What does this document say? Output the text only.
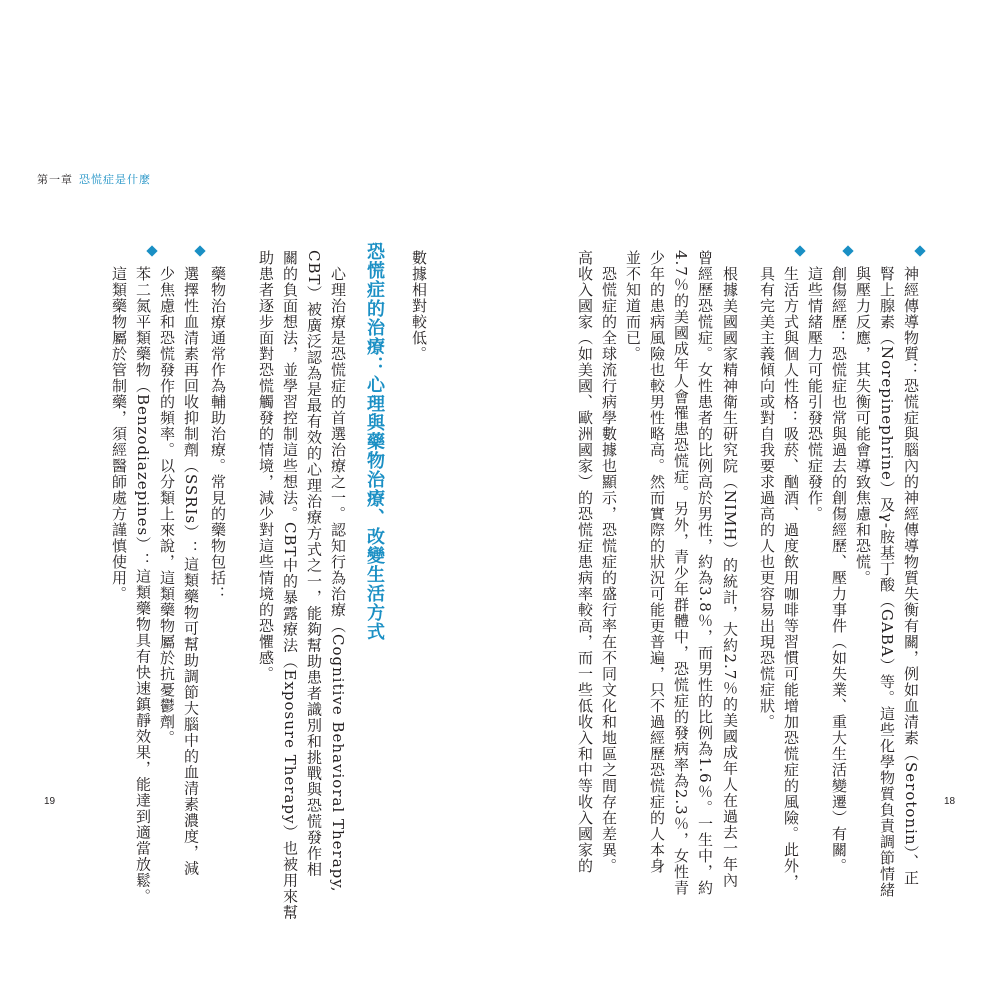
第一章 恐慌症是什麼
神經傳導物質：恐慌症與腦內的神經傳導物質失衡有關，例如血清素（Serotonin）、正
腎上腺素（Norepinephrine）及γ-胺基丁酸（GABA）等。這些化學物質負責調節情緒
與壓力反應，其失衡可能會導致焦慮和恐慌。
創傷經歷：恐慌症也常與過去的創傷經歷、壓力事件（如失業、重大生活變遷）有關。
這些情緒壓力可能引發恐慌症發作。
生活方式與個人性格：吸菸、酗酒、過度飲用咖啡等習慣可能增加恐慌症的風險。此外，
具有完美主義傾向或對自我要求過高的人也更容易出現恐慌症狀。
根據美國國家精神衛生研究院（NIMH）的統計，大約2.7％的美國成年人在過去一年內
曾經歷恐慌症。女性患者的比例高於男性，約為3.8％，而男性的比例為1.6％。一生中，約
4.7％的美國成年人會罹患恐慌症。另外，青少年群體中，恐慌症的發病率為2.3％，女性青
少年的患病風險也較男性略高。然而實際的狀況可能更普遍，只不過經歷恐慌症的人本身
並不知道而已。
恐慌症的全球流行病學數據也顯示，恐慌症的盛行率在不同文化和地區之間存在差異。
高收入國家（如美國、歐洲國家）的恐慌症患病率較高，而一些低收入和中等收入國家的
數據相對較低。
恐慌症的治療：心理與藥物治療、改變生活方式
心理治療是恐慌症的首選治療之一。認知行為治療（Cognitive Behavioral Therapy,
CBT）被廣泛認為是最有效的心理治療方式之一，能夠幫助患者識別和挑戰與恐慌發作相
關的負面想法，並學習控制這些想法。CBT中的暴露療法（Exposure Therapy）也被用來幫
助患者逐步面對恐慌觸發的情境，減少對這些情境的恐懼感。
藥物治療通常作為輔助治療。常見的藥物包括：
選擇性血清素再回收抑制劑（SSRIs）：這類藥物可幫助調節大腦中的血清素濃度，減
少焦慮和恐慌發作的頻率。以分類上來說，這類藥物屬於抗憂鬱劑。
苯二氮平類藥物（Benzodiazepines）：這類藥物具有快速鎮靜效果，能達到適當放鬆。
這類藥物屬於管制藥，須經醫師處方謹慎使用。
19	18
